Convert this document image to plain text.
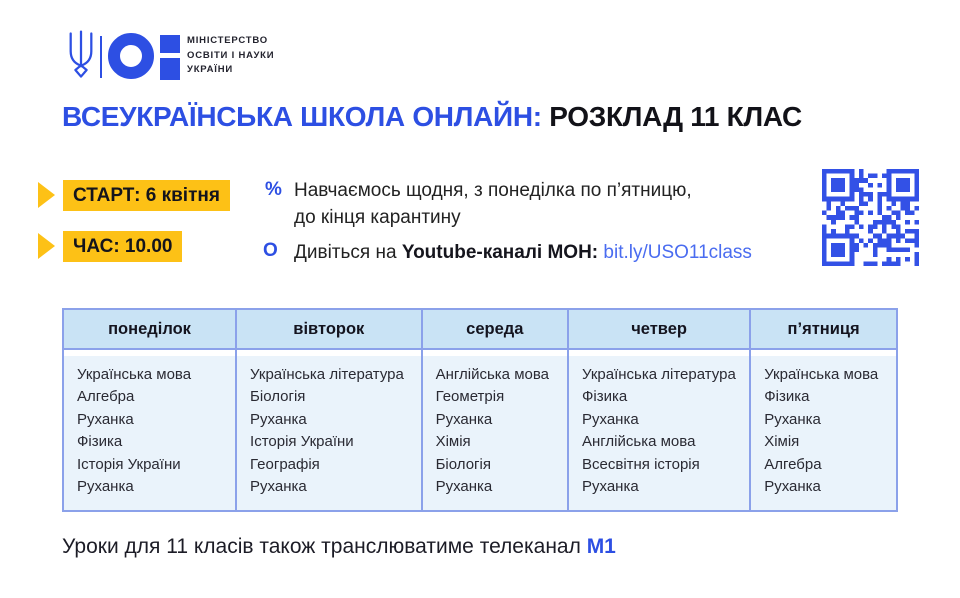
МІНІСТЕРСТВО
ОСВІТИ І НАУКИ
УКРАЇНИ
ВСЕУКРАЇНСЬКА ШКОЛА ОНЛАЙН: РОЗКЛАД 11 КЛАС
СТАРТ: 6 квітня
ЧАС: 10.00
% Навчаємось щодня, з понеділка по п’ятницю,
до кінця карантину
O Дивіться на Youtube-каналі МОН: bit.ly/USO11class
понеділок
Українська мова
Алгебра
Руханка
Фізика
Історія України
Руханка
вівторок
Українська література
Біологія
Руханка
Історія України
Географія
Руханка
середа
Англійська мова
Геометрія
Руханка
Хімія
Біологія
Руханка
четвер
Українська література
Фізика
Руханка
Англійська мова
Всесвітня історія
Руханка
п’ятниця
Українська мова
Фізика
Руханка
Хімія
Алгебра
Руханка
Уроки для 11 класів також транслюватиме телеканал М1
